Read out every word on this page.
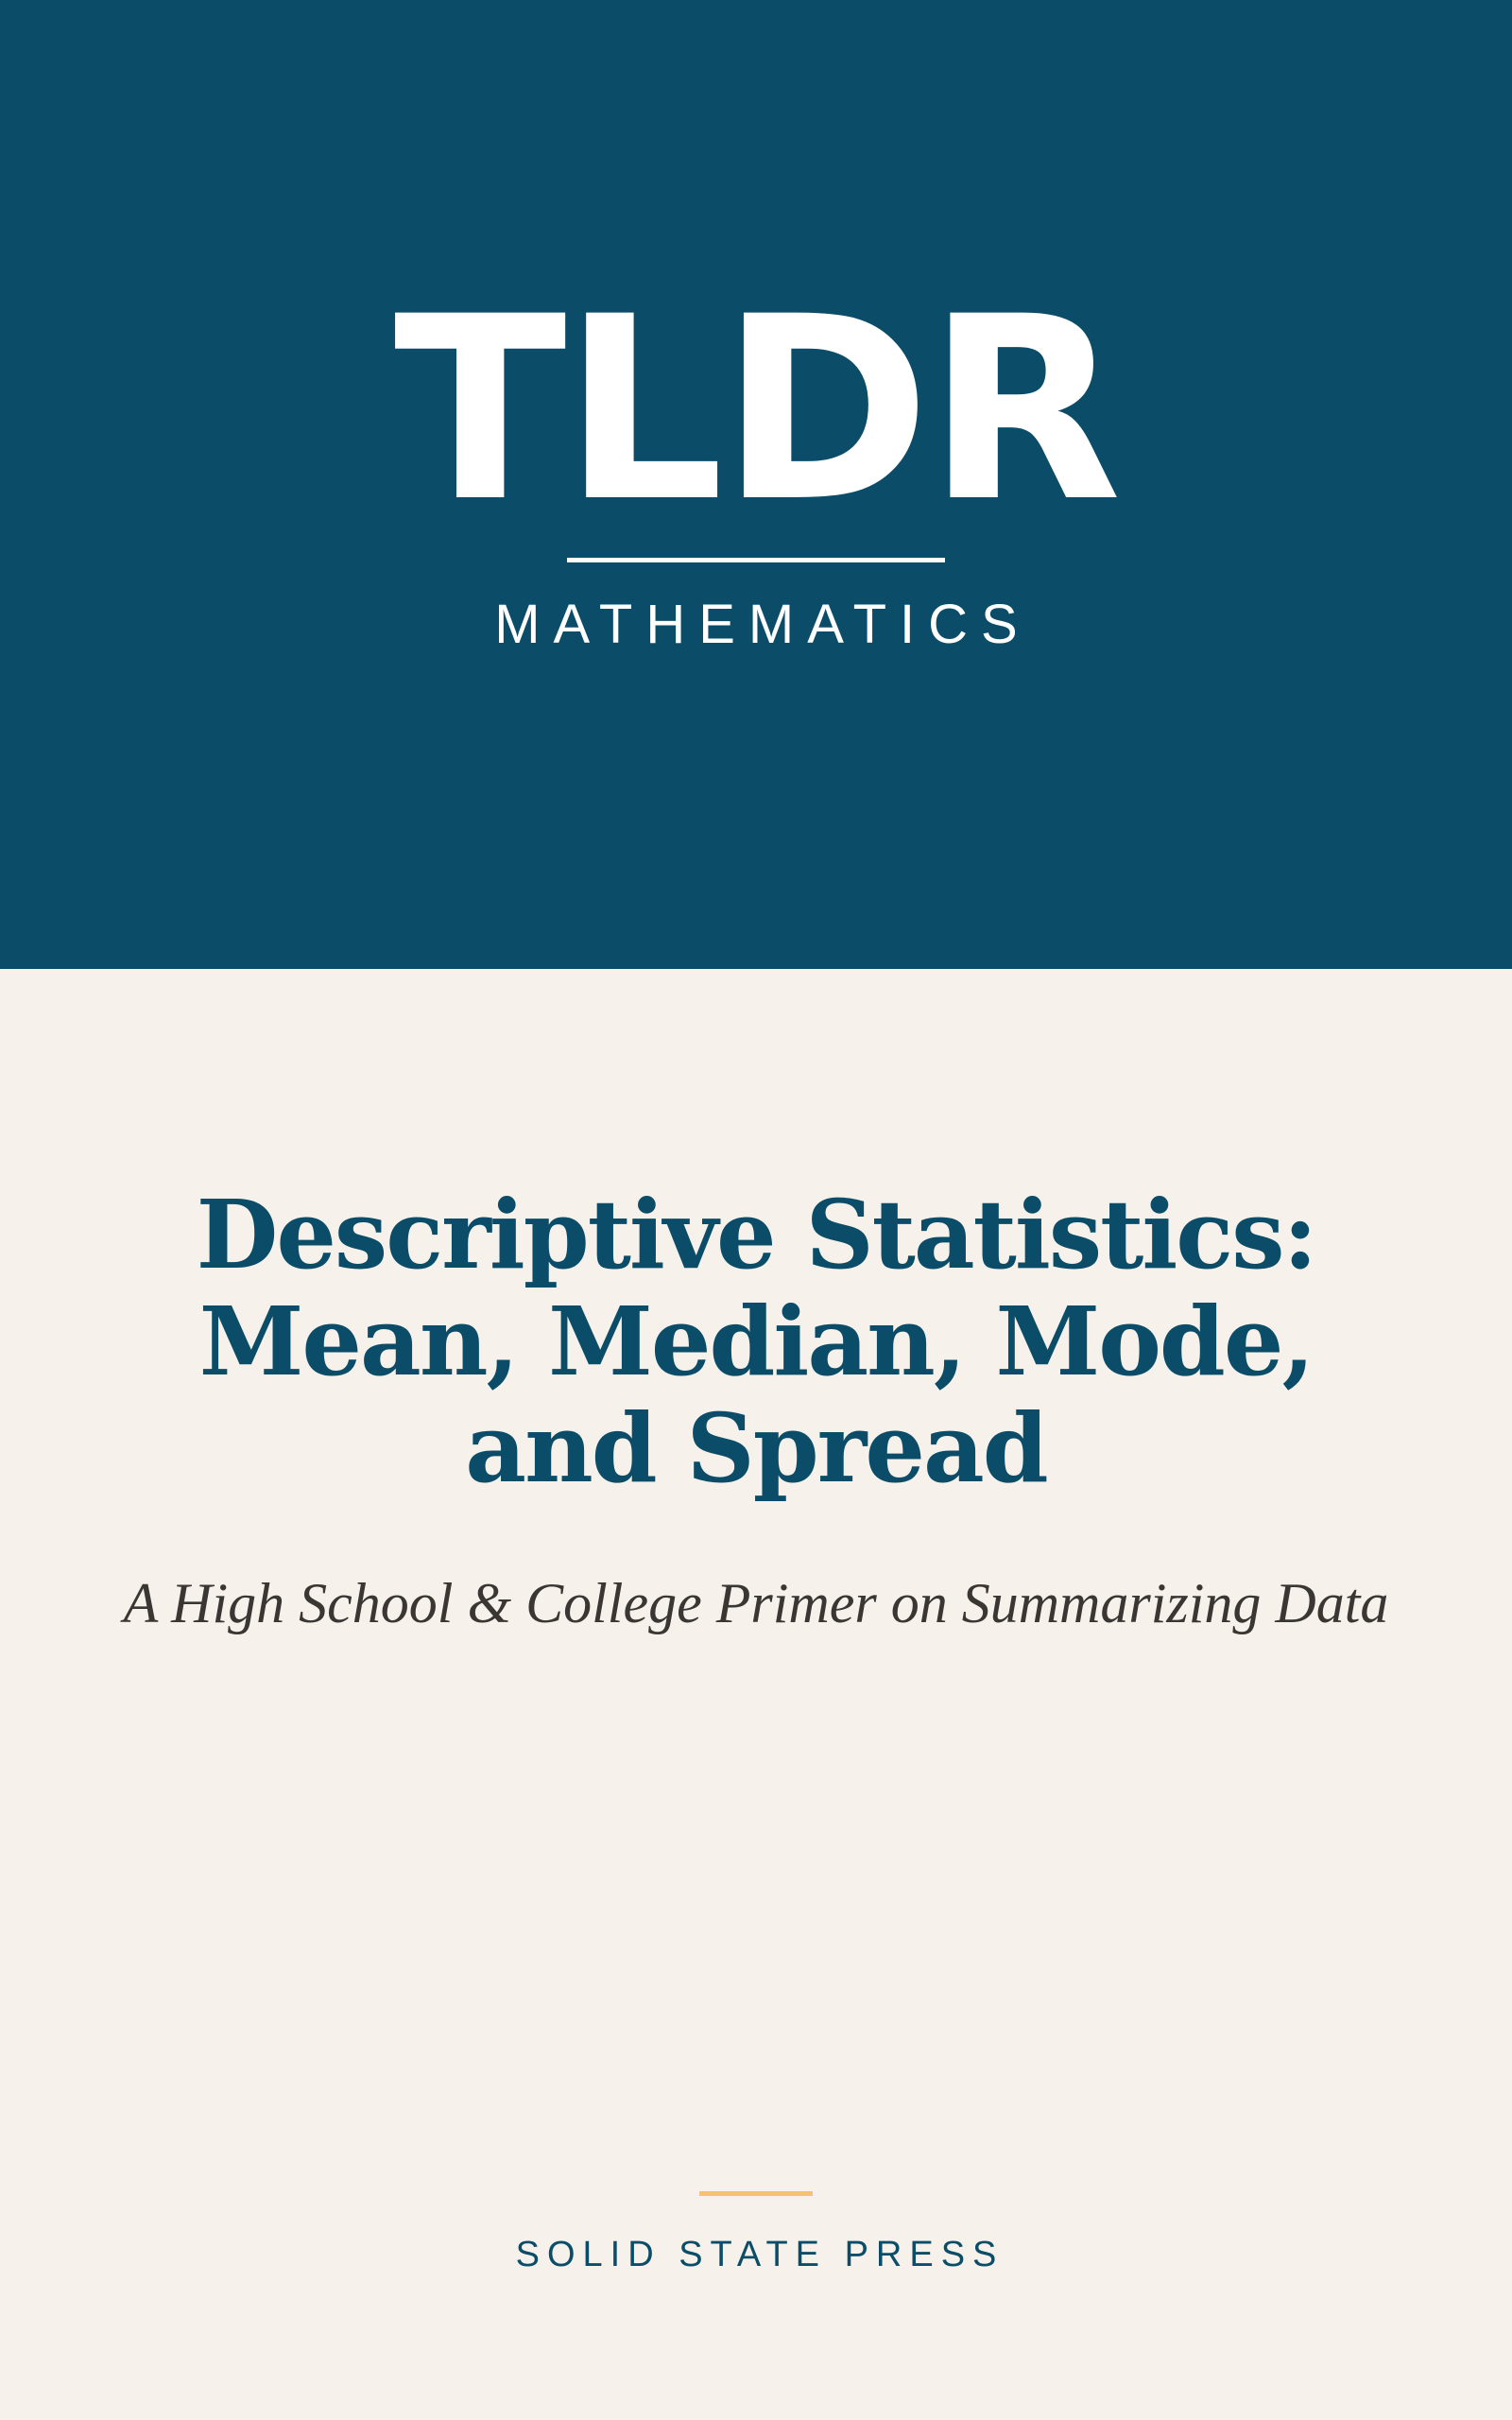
TLDR
MATHEMATICS
Descriptive Statistics: Mean, Median, Mode, and Spread
A High School & College Primer on Summarizing Data
SOLID STATE PRESS
